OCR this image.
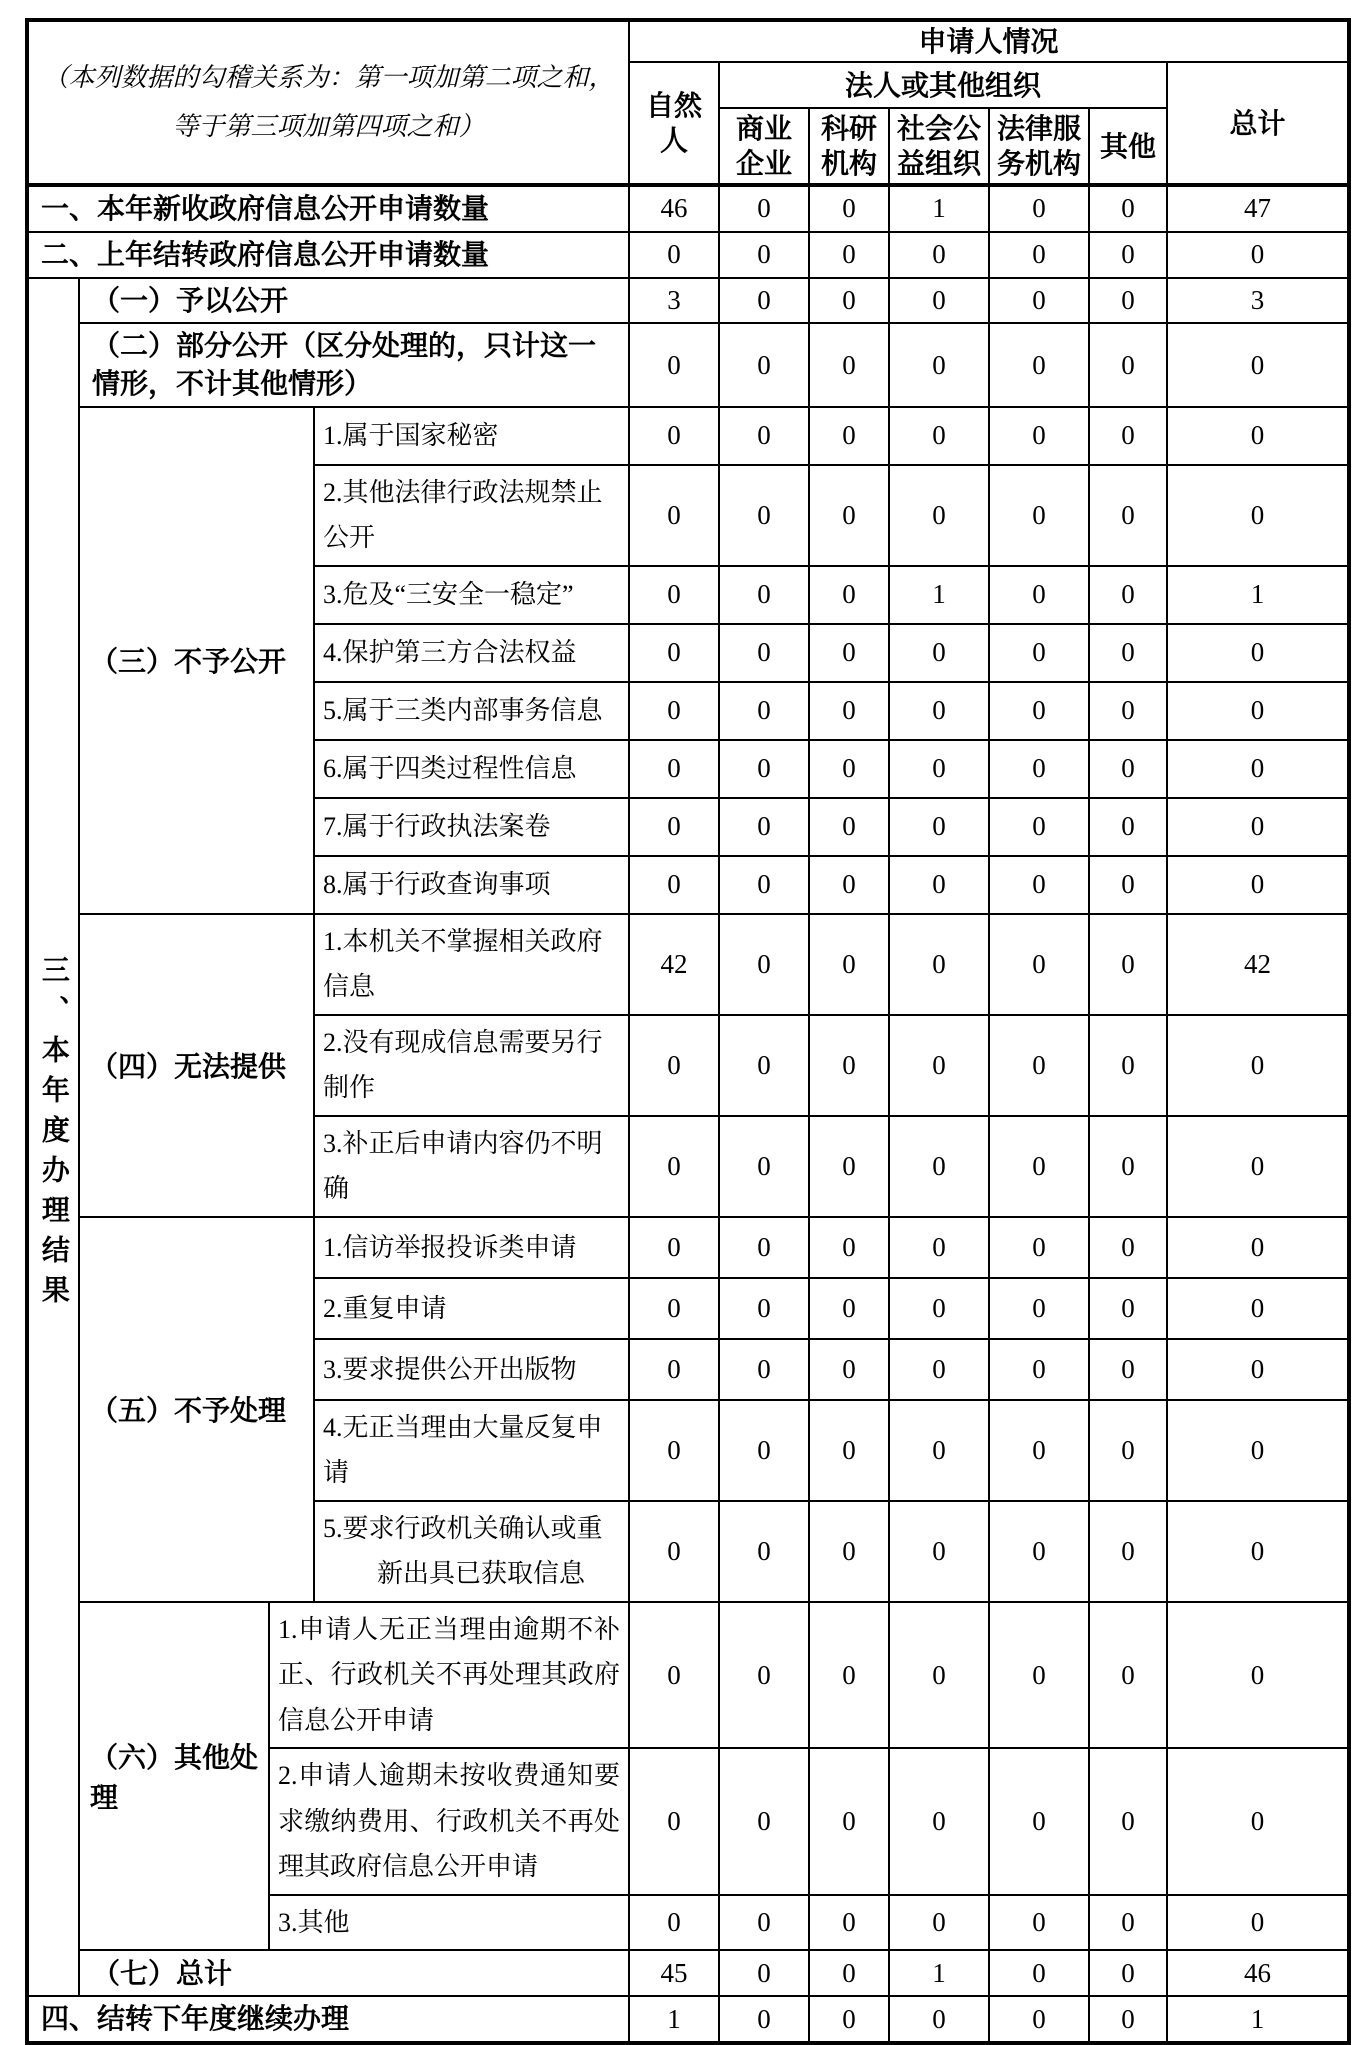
（本列数据的勾稽关系为：第一项加第二项之和，
等于第三项加第四项之和）				申请人情况						
				自然人	法人或其他组织					总计
					商业企业	科研机构	社会公益组织	法律服务机构	其他	
一、本年新收政府信息公开申请数量				46	0	0	1	0	0	47
二、上年结转政府信息公开申请数量				0	0	0	0	0	0	0
三、本年度办理结果	（一）予以公开			3	0	0	0	0	0	3
	（二）部分公开（区分处理的，只计这一情形，不计其他情形）			0	0	0	0	0	0	0
	（三）不予公开		1.属于国家秘密	0	0	0	0	0	0	0
			2.其他法律行政法规禁止公开	0	0	0	0	0	0	0
			3.危及“三安全一稳定”	0	0	0	1	0	0	1
			4.保护第三方合法权益	0	0	0	0	0	0	0
			5.属于三类内部事务信息	0	0	0	0	0	0	0
			6.属于四类过程性信息	0	0	0	0	0	0	0
			7.属于行政执法案卷	0	0	0	0	0	0	0
			8.属于行政查询事项	0	0	0	0	0	0	0
	（四）无法提供		1.本机关不掌握相关政府信息	42	0	0	0	0	0	42
			2.没有现成信息需要另行制作	0	0	0	0	0	0	0
			3.补正后申请内容仍不明确	0	0	0	0	0	0	0
	（五）不予处理		1.信访举报投诉类申请	0	0	0	0	0	0	0
			2.重复申请	0	0	0	0	0	0	0
			3.要求提供公开出版物	0	0	0	0	0	0	0
			4.无正当理由大量反复申请	0	0	0	0	0	0	0
			5.要求行政机关确认或重新出具已获取信息	0	0	0	0	0	0	0
	（六）其他处理	1.申请人无正当理由逾期不补正、行政机关不再处理其政府信息公开申请		0	0	0	0	0	0	0
		2.申请人逾期未按收费通知要求缴纳费用、行政机关不再处理其政府信息公开申请		0	0	0	0	0	0	0
		3.其他		0	0	0	0	0	0	0
	（七）总计			45	0	0	1	0	0	46
四、结转下年度继续办理				1	0	0	0	0	0	1
